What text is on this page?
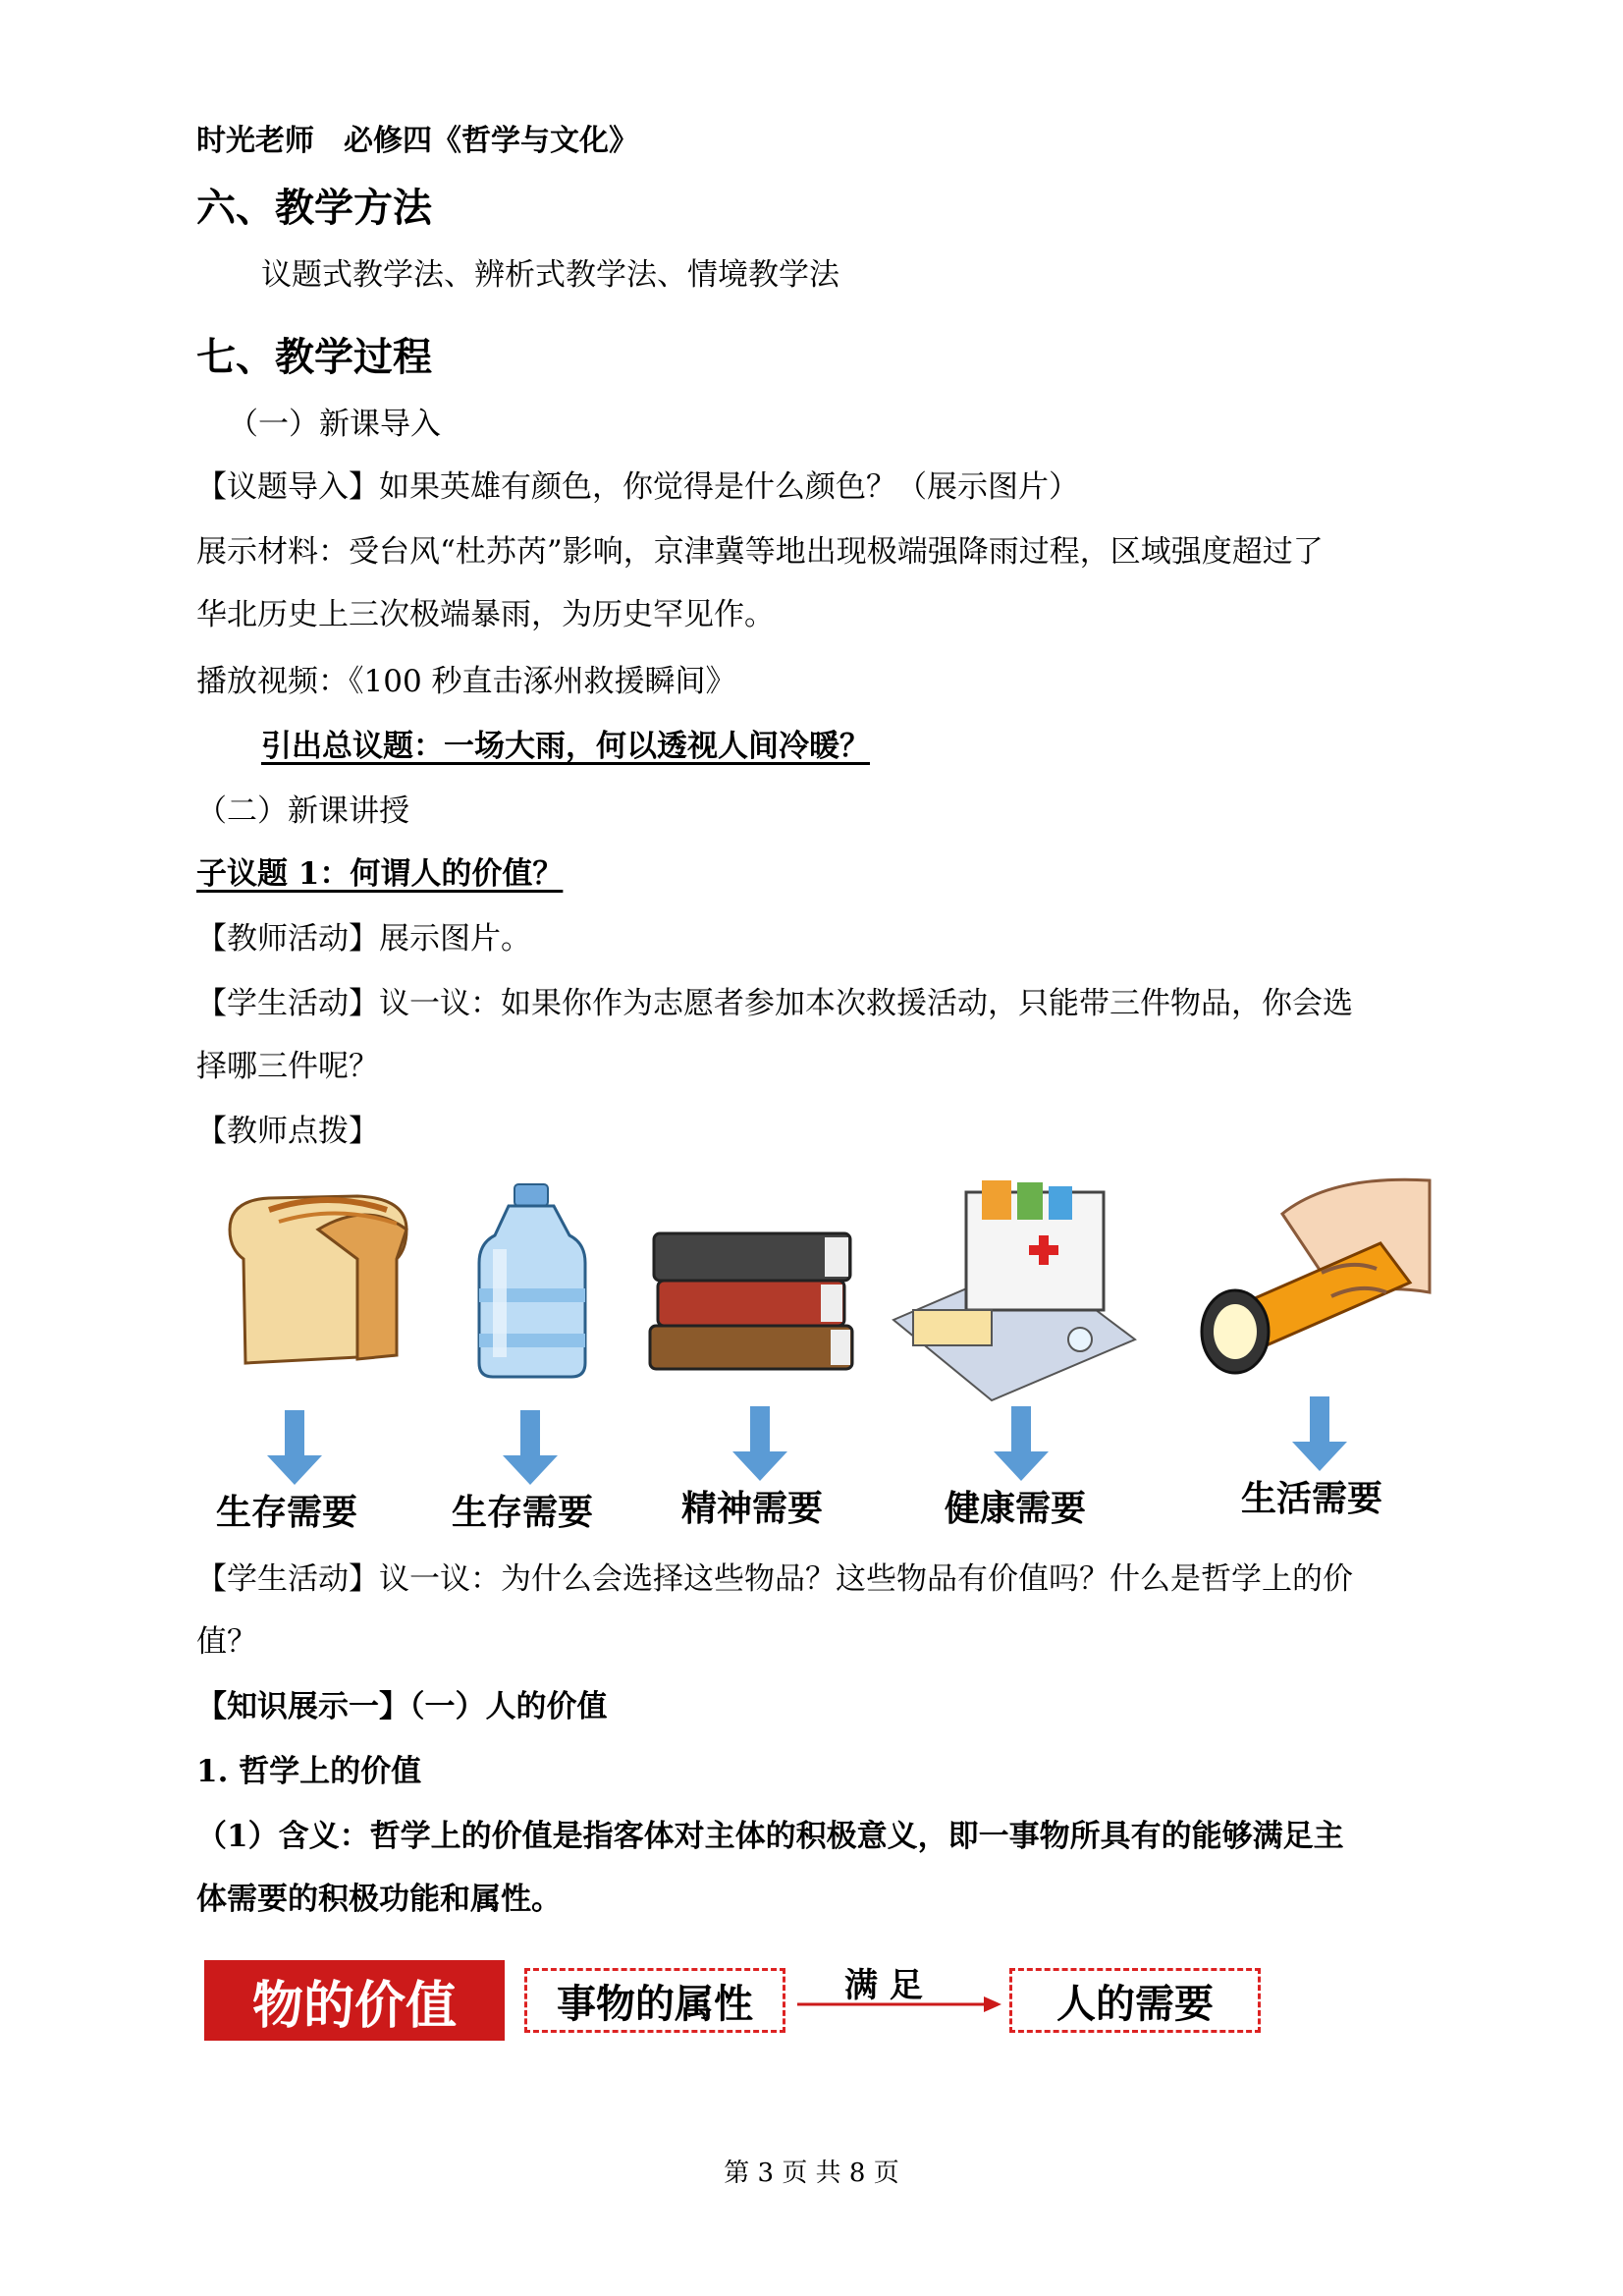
时光老师　必修四《哲学与文化》
六、教学方法
议题式教学法、辨析式教学法、情境教学法
七、教学过程
（一）新课导入
【议题导入】如果英雄有颜色，你觉得是什么颜色？（展示图片）
展示材料：受台风“杜苏芮”影响，京津冀等地出现极端强降雨过程，区域强度超过了
华北历史上三次极端暴雨，为历史罕见作。
播放视频：《100 秒直击涿州救援瞬间》
引出总议题：一场大雨，何以透视人间冷暖？
（二）新课讲授
子议题 1：何谓人的价值？
【教师活动】展示图片。
【学生活动】议一议：如果你作为志愿者参加本次救援活动，只能带三件物品，你会选
择哪三件呢？
【教师点拨】
生存需要	生存需要 精神需要	健康需要	生活需要
【学生活动】议一议：为什么会选择这些物品？这些物品有价值吗？什么是哲学上的价
值？
【知识展示一】（一）人的价值
1. 哲学上的价值
（1）含义：哲学上的价值是指客体对主体的积极意义，即一事物所具有的能够满足主
体需要的积极功能和属性。
物的价值	事物的属性	满 足	人的需要
第 3 页 共 8 页
